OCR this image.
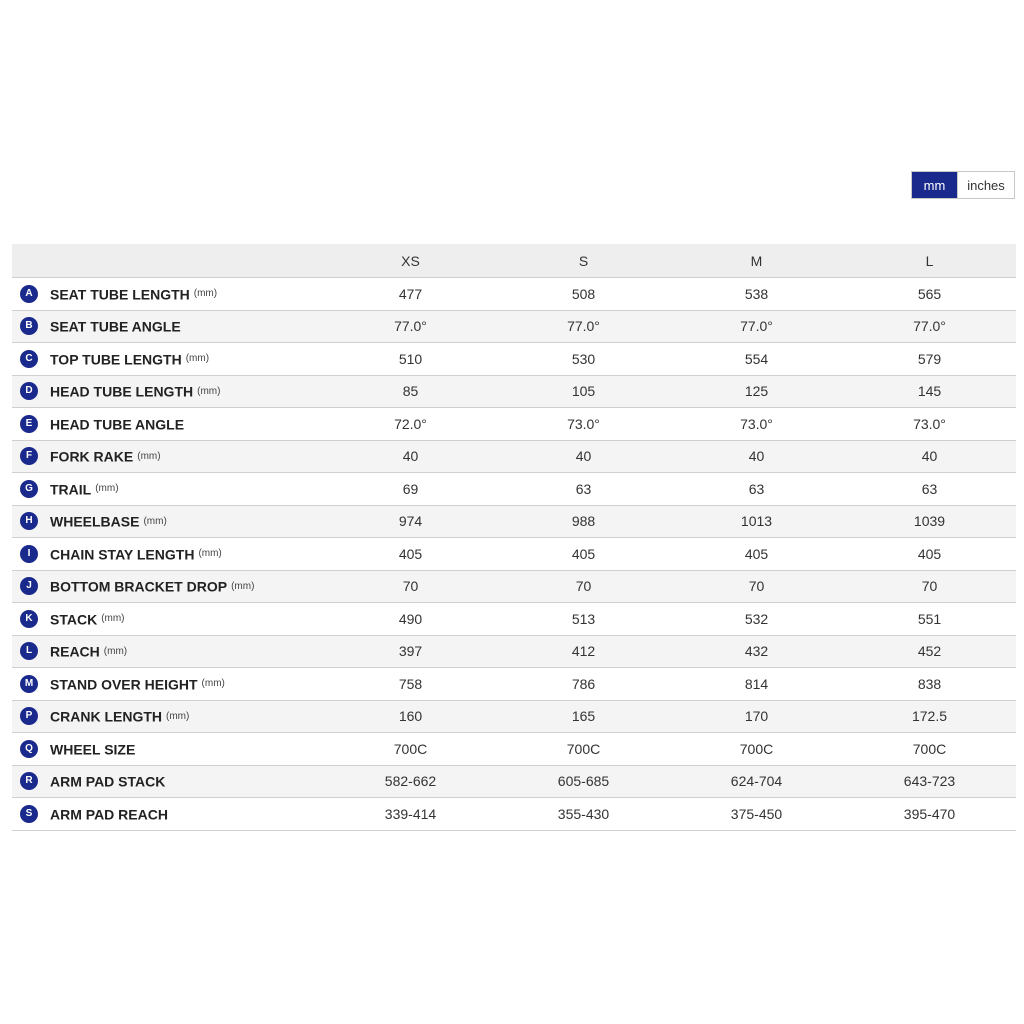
mm	inches
	XS	S	M	L
A SEAT TUBE LENGTH (mm)	477	508	538	565
B SEAT TUBE ANGLE	77.0°	77.0°	77.0°	77.0°
C TOP TUBE LENGTH (mm)	510	530	554	579
D HEAD TUBE LENGTH (mm)	85	105	125	145
E HEAD TUBE ANGLE	72.0°	73.0°	73.0°	73.0°
F FORK RAKE (mm)	40	40	40	40
G TRAIL (mm)	69	63	63	63
H WHEELBASE (mm)	974	988	1013	1039
I CHAIN STAY LENGTH (mm)	405	405	405	405
J BOTTOM BRACKET DROP (mm)	70	70	70	70
K STACK (mm)	490	513	532	551
L REACH (mm)	397	412	432	452
M STAND OVER HEIGHT (mm)	758	786	814	838
P CRANK LENGTH (mm)	160	165	170	172.5
Q WHEEL SIZE	700C	700C	700C	700C
R ARM PAD STACK	582-662	605-685	624-704	643-723
S ARM PAD REACH	339-414	355-430	375-450	395-470
